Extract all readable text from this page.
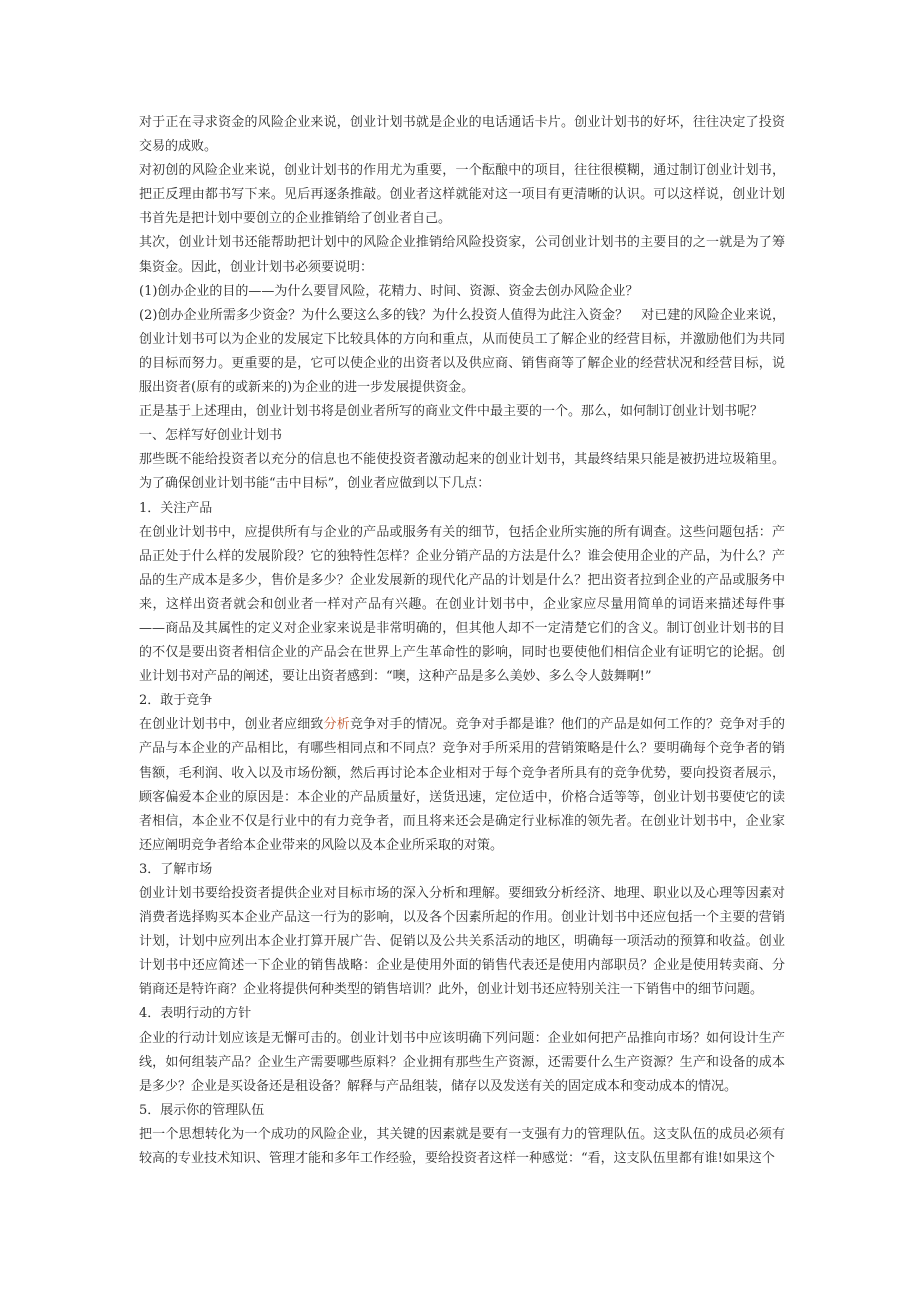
对于正在寻求资金的风险企业来说，创业计划书就是企业的电话通话卡片。创业计划书的好坏，往往决定了投资交易的成败。

对初创的风险企业来说，创业计划书的作用尤为重要，一个酝酿中的项目，往往很模糊，通过制订创业计划书，把正反理由都书写下来。见后再逐条推敲。创业者这样就能对这一项目有更清晰的认识。可以这样说，创业计划书首先是把计划中要创立的企业推销给了创业者自己。

其次，创业计划书还能帮助把计划中的风险企业推销给风险投资家，公司创业计划书的主要目的之一就是为了筹集资金。因此，创业计划书必须要说明：

(1)创办企业的目的——为什么要冒风险，花精力、时间、资源、资金去创办风险企业？

(2)创办企业所需多少资金？为什么要这么多的钱？为什么投资人值得为此注入资金？　对已建的风险企业来说，创业计划书可以为企业的发展定下比较具体的方向和重点，从而使员工了解企业的经营目标，并激励他们为共同的目标而努力。更重要的是，它可以使企业的出资者以及供应商、销售商等了解企业的经营状况和经营目标，说服出资者(原有的或新来的)为企业的进一步发展提供资金。

正是基于上述理由，创业计划书将是创业者所写的商业文件中最主要的一个。那么，如何制订创业计划书呢？

一、怎样写好创业计划书

那些既不能给投资者以充分的信息也不能使投资者激动起来的创业计划书，其最终结果只能是被扔进垃圾箱里。为了确保创业计划书能“击中目标”，创业者应做到以下几点：

1．关注产品

在创业计划书中，应提供所有与企业的产品或服务有关的细节，包括企业所实施的所有调查。这些问题包括：产品正处于什么样的发展阶段？它的独特性怎样？企业分销产品的方法是什么？谁会使用企业的产品，为什么？产品的生产成本是多少，售价是多少？企业发展新的现代化产品的计划是什么？把出资者拉到企业的产品或服务中来，这样出资者就会和创业者一样对产品有兴趣。在创业计划书中，企业家应尽量用简单的词语来描述每件事——商品及其属性的定义对企业家来说是非常明确的，但其他人却不一定清楚它们的含义。制订创业计划书的目的不仅是要出资者相信企业的产品会在世界上产生革命性的影响，同时也要使他们相信企业有证明它的论据。创业计划书对产品的阐述，要让出资者感到：“噢，这种产品是多么美妙、多么令人鼓舞啊!”

2．敢于竞争

在创业计划书中，创业者应细致分析竞争对手的情况。竞争对手都是谁？他们的产品是如何工作的？竞争对手的产品与本企业的产品相比，有哪些相同点和不同点？竞争对手所采用的营销策略是什么？要明确每个竞争者的销售额，毛利润、收入以及市场份额，然后再讨论本企业相对于每个竞争者所具有的竞争优势，要向投资者展示，顾客偏爱本企业的原因是：本企业的产品质量好，送货迅速，定位适中，价格合适等等，创业计划书要使它的读者相信，本企业不仅是行业中的有力竞争者，而且将来还会是确定行业标准的领先者。在创业计划书中，企业家还应阐明竞争者给本企业带来的风险以及本企业所采取的对策。

3．了解市场

创业计划书要给投资者提供企业对目标市场的深入分析和理解。要细致分析经济、地理、职业以及心理等因素对消费者选择购买本企业产品这一行为的影响，以及各个因素所起的作用。创业计划书中还应包括一个主要的营销计划，计划中应列出本企业打算开展广告、促销以及公共关系活动的地区，明确每一项活动的预算和收益。创业计划书中还应简述一下企业的销售战略：企业是使用外面的销售代表还是使用内部职员？企业是使用转卖商、分销商还是特许商？企业将提供何种类型的销售培训？此外，创业计划书还应特别关注一下销售中的细节问题。

4．表明行动的方针

企业的行动计划应该是无懈可击的。创业计划书中应该明确下列问题：企业如何把产品推向市场？如何设计生产线，如何组装产品？企业生产需要哪些原料？企业拥有那些生产资源，还需要什么生产资源？生产和设备的成本是多少？企业是买设备还是租设备？解释与产品组装，储存以及发送有关的固定成本和变动成本的情况。

5．展示你的管理队伍

把一个思想转化为一个成功的风险企业，其关键的因素就是要有一支强有力的管理队伍。这支队伍的成员必须有较高的专业技术知识、管理才能和多年工作经验，要给投资者这样一种感觉：“看，这支队伍里都有谁!如果这个
